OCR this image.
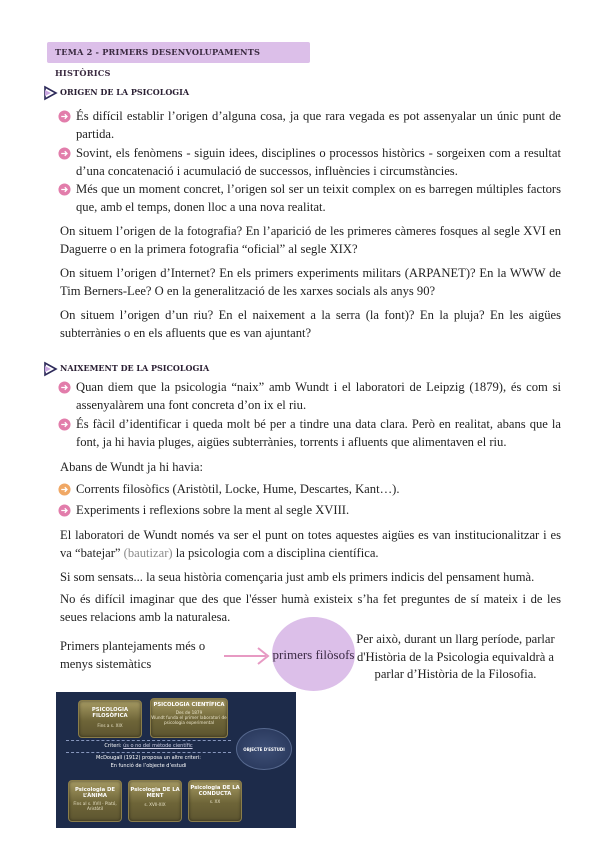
TEMA 2 - PRIMERS DESENVOLUPAMENTS HISTÒRICS
ORIGEN DE LA PSICOLOGIA
És difícil establir l’origen d’alguna cosa, ja que rara vegada es pot assenyalar un únic punt de partida.
Sovint, els fenòmens - siguin idees, disciplines o processos històrics - sorgeixen com a resultat d’una concatenació i acumulació de successos, influències i circumstàncies.
Més que un moment concret, l’origen sol ser un teixit complex on es barregen múltiples factors que, amb el temps, donen lloc a una nova realitat.
On situem l’origen de la fotografia? En l’aparició de les primeres càmeres fosques al segle XVI en Daguerre o en la primera fotografia “oficial” al segle XIX?
On situem l’origen d’Internet? En els primers experiments militars (ARPANET)? En la WWW de Tim Berners-Lee? O en la generalització de les xarxes socials als anys 90?
On situem l’origen d’un riu? En el naixement a la serra (la font)? En la pluja? En les aigües subterrànies o en els afluents que es van ajuntant?
NAIXEMENT DE LA PSICOLOGIA
Quan diem que la psicologia “naix” amb Wundt i el laboratori de Leipzig (1879), és com si assenyalàrem una font concreta d’on ix el riu.
És fàcil d’identificar i queda molt bé per a tindre una data clara. Però en realitat, abans que la font, ja hi havia pluges, aigües subterrànies, torrents i afluents que alimentaven el riu.
Abans de Wundt ja hi havia:
Corrents filosòfics (Aristòtil, Locke, Hume, Descartes, Kant…).
Experiments i reflexions sobre la ment al segle XVIII.
El laboratori de Wundt només va ser el punt on totes aquestes aigües es van institucionalitzar i es va “batejar” (bautizar) la psicologia com a disciplina científica.
Si som sensats... la seua història començaria just amb els primers indicis del pensament humà.
No és difícil imaginar que des que l'ésser humà existeix s’ha fet preguntes de sí mateix i de les seues relacions amb la naturalesa.
Primers plantejaments més o menys sistemàtics
primers filòsofs
Per això, durant un llarg període, parlar d'Història de la Psicologia equivaldrà a parlar d’Història de la Filosofia.
PSICOLOGIA FILOSÒFICA
Fins a s. XIX
PSICOLOGIA CIENTÍFICA
Des de 1879
Wundt funda el primer laboratori de psicologia experimental
Criteri: ús o no del mètode científic
McDougall (1912) proposa un altre criteri:
En funció de l’objecte d’estudi
OBJECTE D'ESTUDI
Psicologia DE L’ÀNIMA
Fins al s. XVII · Plató, Aristòtil
Psicologia DE LA MENT
s. XVII-XIX
Psicologia DE LA CONDUCTA
s. XX
